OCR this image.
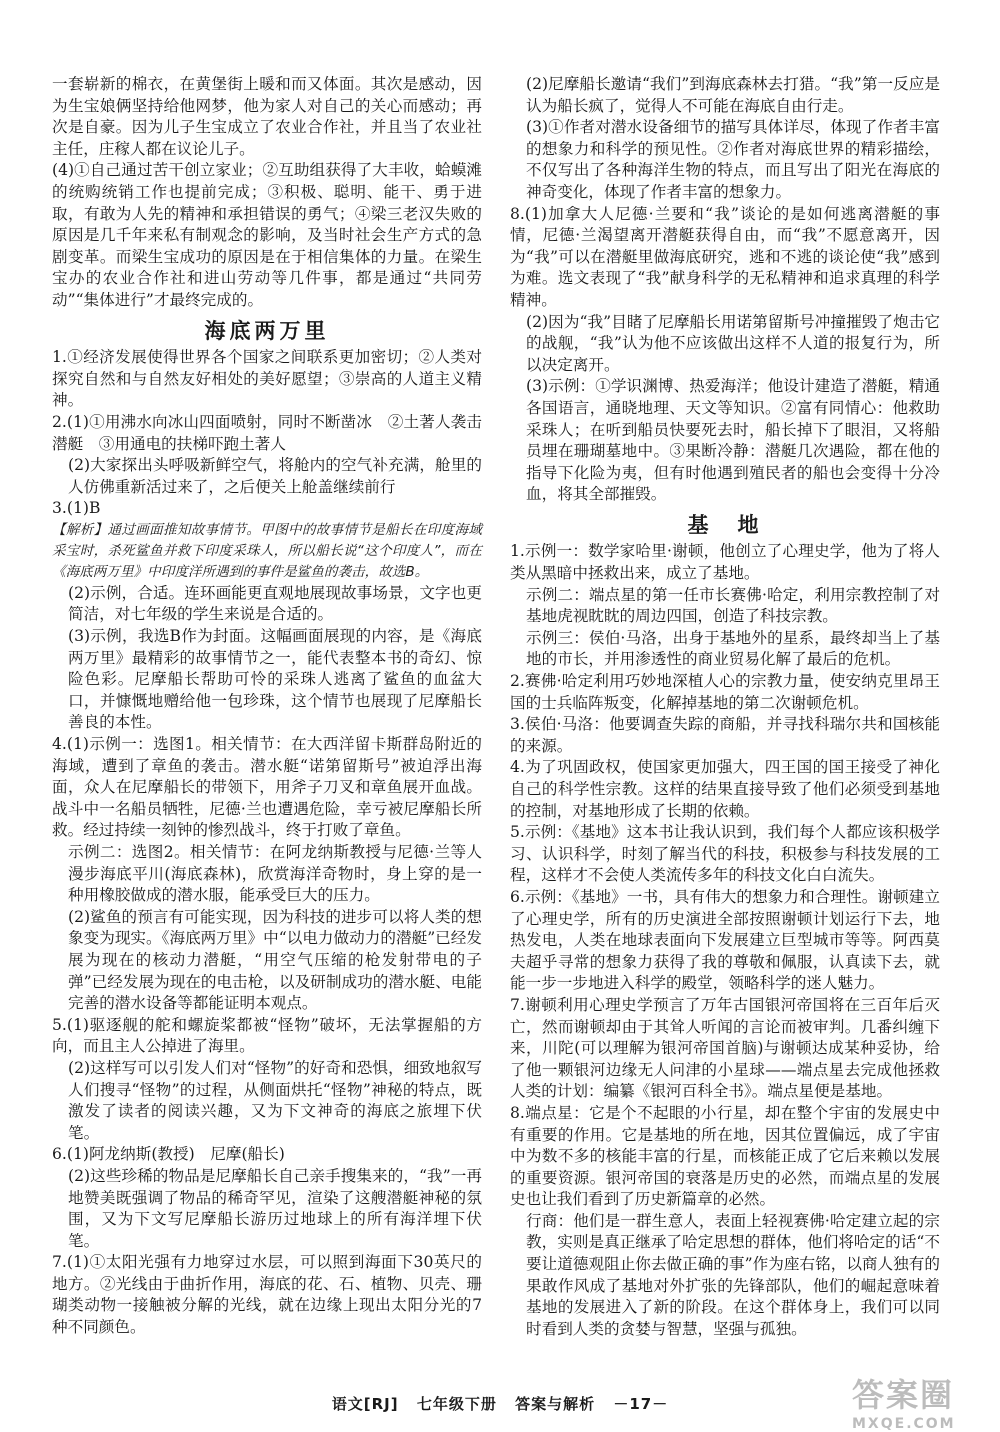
一套崭新的棉衣，在黄堡街上暖和而又体面。其次是感动，因为生宝娘俩坚持给他网梦，他为家人对自己的关心而感动；再次是自豪。因为儿子生宝成立了农业合作社，并且当了农业社主任，庄稼人都在议论儿子。
(4)①自己通过苦干创立家业；②互助组获得了大丰收，蛤蟆滩的统购统销工作也提前完成；③积极、聪明、能干、勇于进取，有敢为人先的精神和承担错误的勇气；④梁三老汉失败的原因是几千年来私有制观念的影响，及当时社会生产方式的急剧变革。而梁生宝成功的原因是在于相信集体的力量。在梁生宝办的农业合作社和进山劳动等几件事，都是通过“共同劳动”“集体进行”才最终完成的。
海底两万里
1.①经济发展使得世界各个国家之间联系更加密切；②人类对探究自然和与自然友好相处的美好愿望；③崇高的人道主义精神。
2.(1)①用沸水向冰山四面喷射，同时不断凿冰　②土著人袭击潜艇　③用通电的扶梯吓跑土著人
(2)大家探出头呼吸新鲜空气，将舱内的空气补充满，舱里的人仿佛重新活过来了，之后便关上舱盖继续前行
3.(1)B
【解析】通过画面推知故事情节。甲图中的故事情节是船长在印度海域采宝时，杀死鲨鱼并救下印度采珠人，所以船长说“这个印度人”，而在《海底两万里》中印度洋所遇到的事件是鲨鱼的袭击，故选B。
(2)示例，合适。连环画能更直观地展现故事场景，文字也更简洁，对七年级的学生来说是合适的。
(3)示例，我选B作为封面。这幅画面展现的内容，是《海底两万里》最精彩的故事情节之一，能代表整本书的奇幻、惊险色彩。尼摩船长帮助可怜的采珠人逃离了鲨鱼的血盆大口，并慷慨地赠给他一包珍珠，这个情节也展现了尼摩船长善良的本性。
4.(1)示例一：选图1。相关情节：在大西洋留卡斯群岛附近的海域，遭到了章鱼的袭击。潜水艇“诺第留斯号”被迫浮出海面，众人在尼摩船长的带领下，用斧子刀叉和章鱼展开血战。战斗中一名船员牺牲，尼德·兰也遭遇危险，幸亏被尼摩船长所救。经过持续一刻钟的惨烈战斗，终于打败了章鱼。
示例二：选图2。相关情节：在阿龙纳斯教授与尼德·兰等人漫步海底平川(海底森林)，欣赏海洋奇物时，身上穿的是一种用橡胶做成的潜水服，能承受巨大的压力。
(2)鲨鱼的预言有可能实现，因为科技的进步可以将人类的想象变为现实。《海底两万里》中“以电力做动力的潜艇”已经发展为现在的核动力潜艇，“用空气压缩的枪发射带电的子弹”已经发展为现在的电击枪，以及研制成功的潜水艇、电能完善的潜水设备等都能证明本观点。
5.(1)驱逐舰的舵和螺旋桨都被“怪物”破坏，无法掌握船的方向，而且主人公掉进了海里。
(2)这样写可以引发人们对“怪物”的好奇和恐惧，细致地叙写人们搜寻“怪物”的过程，从侧面烘托“怪物”神秘的特点，既激发了读者的阅读兴趣，又为下文神奇的海底之旅埋下伏笔。
6.(1)阿龙纳斯(教授)　尼摩(船长)
(2)这些珍稀的物品是尼摩船长自己亲手搜集来的，“我”一再地赞美既强调了物品的稀奇罕见，渲染了这艘潜艇神秘的氛围，又为下文写尼摩船长游历过地球上的所有海洋埋下伏笔。
7.(1)①太阳光强有力地穿过水层，可以照到海面下30英尺的地方。②光线由于曲折作用，海底的花、石、植物、贝壳、珊瑚类动物一接触被分解的光线，就在边缘上现出太阳分光的7种不同颜色。
(2)尼摩船长邀请“我们”到海底森林去打猎。“我”第一反应是认为船长疯了，觉得人不可能在海底自由行走。
(3)①作者对潜水设备细节的描写具体详尽，体现了作者丰富的想象力和科学的预见性。②作者对海底世界的精彩描绘，不仅写出了各种海洋生物的特点，而且写出了阳光在海底的神奇变化，体现了作者丰富的想象力。
8.(1)加拿大人尼德·兰要和“我”谈论的是如何逃离潜艇的事情，尼德·兰渴望离开潜艇获得自由，而“我”不愿意离开，因为“我”可以在潜艇里做海底研究，逃和不逃的谈论使“我”感到为难。选文表现了“我”献身科学的无私精神和追求真理的科学精神。
(2)因为“我”目睹了尼摩船长用诺第留斯号冲撞摧毁了炮击它的战舰，“我”认为他不应该做出这样不人道的报复行为，所以决定离开。
(3)示例：①学识渊博、热爱海洋；他设计建造了潜艇，精通各国语言，通晓地理、天文等知识。②富有同情心：他救助采珠人；在听到船员快要死去时，船长掉下了眼泪，又将船员埋在珊瑚墓地中。③果断冷静：潜艇几次遇险，都在他的指导下化险为夷，但有时他遇到殖民者的船也会变得十分冷血，将其全部摧毁。
基　地
1.示例一：数学家哈里·谢顿，他创立了心理史学，他为了将人类从黑暗中拯救出来，成立了基地。
示例二：端点星的第一任市长赛佛·哈定，利用宗教控制了对基地虎视眈眈的周边四国，创造了科技宗教。
示例三：侯伯·马洛，出身于基地外的星系，最终却当上了基地的市长，并用渗透性的商业贸易化解了最后的危机。
2.赛佛·哈定利用巧妙地深植人心的宗教力量，使安纳克里昂王国的士兵临阵叛变，化解掉基地的第二次谢顿危机。
3.侯伯·马洛：他要调查失踪的商船，并寻找科瑞尔共和国核能的来源。
4.为了巩固政权，使国家更加强大，四王国的国王接受了神化自己的科学性宗教。这样的结果直接导致了他们必须受到基地的控制，对基地形成了长期的依赖。
5.示例：《基地》这本书让我认识到，我们每个人都应该积极学习、认识科学，时刻了解当代的科技，积极参与科技发展的工程，这样才不会使人类流传多年的科技文化白白流失。
6.示例：《基地》一书，具有伟大的想象力和合理性。谢顿建立了心理史学，所有的历史演进全部按照谢顿计划运行下去，地热发电，人类在地球表面向下发展建立巨型城市等等。阿西莫夫超乎寻常的想象力获得了我的尊敬和佩服，认真读下去，就能一步一步地进入科学的殿堂，领略科学的迷人魅力。
7.谢顿利用心理史学预言了万年古国银河帝国将在三百年后灭亡，然而谢顿却由于其耸人听闻的言论而被审判。几番纠缠下来，川陀(可以理解为银河帝国首脑)与谢顿达成某种妥协，给了他一颗银河边缘无人问津的小星球——端点星去完成他拯救人类的计划：编纂《银河百科全书》。端点星便是基地。
8.端点星：它是个不起眼的小行星，却在整个宇宙的发展史中有重要的作用。它是基地的所在地，因其位置偏远，成了宇宙中为数不多的核能丰富的行星，而核能正成了它后来赖以发展的重要资源。银河帝国的衰落是历史的必然，而端点星的发展史也让我们看到了历史新篇章的必然。
行商：他们是一群生意人，表面上轻视赛佛·哈定建立起的宗教，实则是真正继承了哈定思想的群体，他们将哈定的话“不要让道德观阻止你去做正确的事”作为座右铭，以商人独有的果敢作风成了基地对外扩张的先锋部队，他们的崛起意味着基地的发展进入了新的阶段。在这个群体身上，我们可以同时看到人类的贪婪与智慧，坚强与孤独。
语文[RJ] 七年级下册 答案与解析 －17－	答案圈
MXQE.COM
